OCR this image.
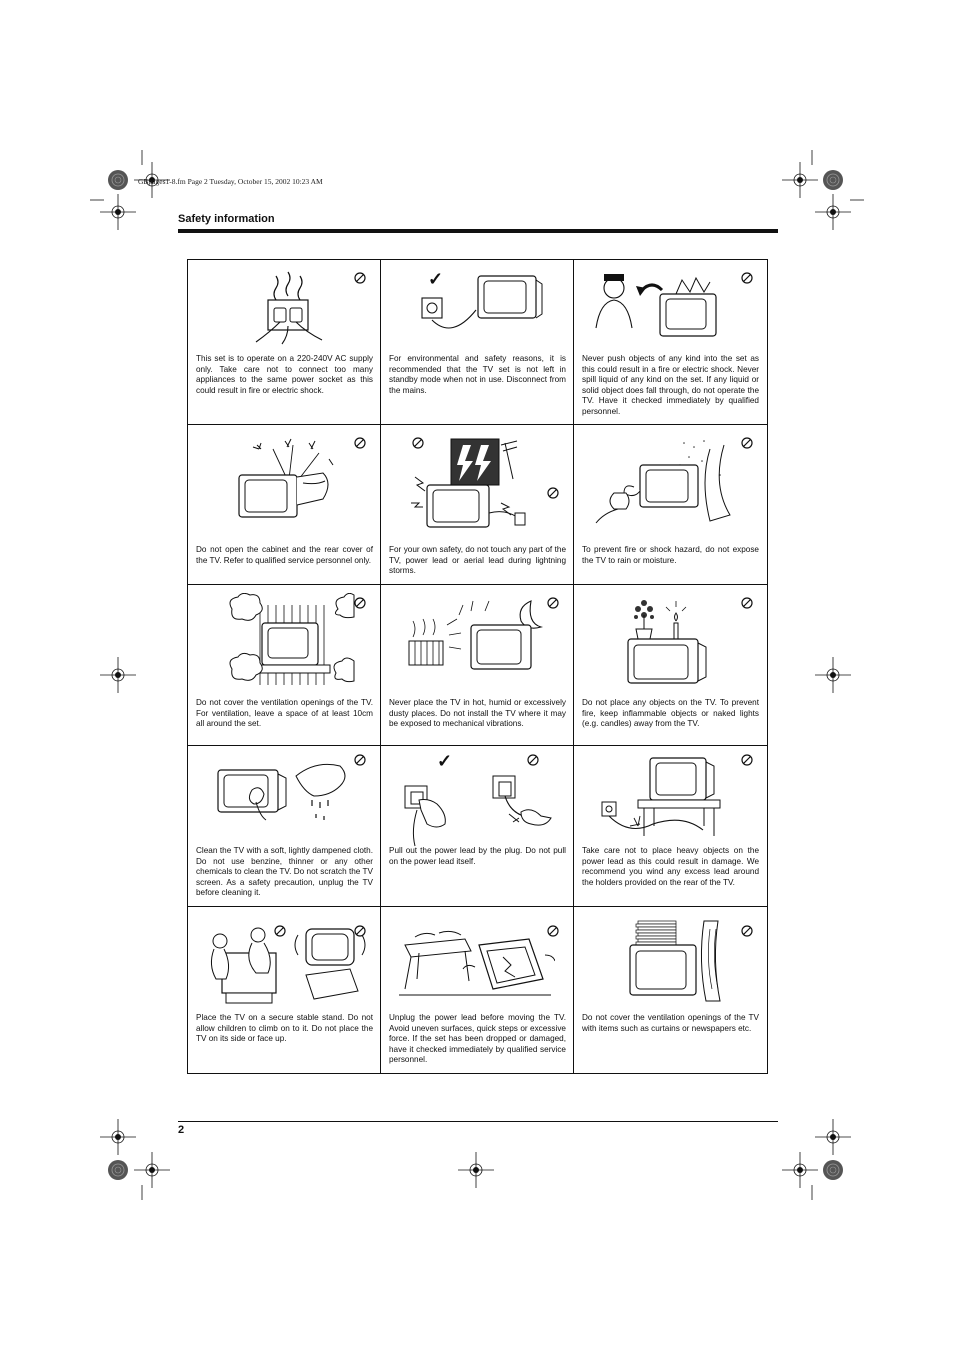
GBpages1-8.fm Page 2 Tuesday, October 15, 2002 10:23 AM
Safety information
This set is to operate on a 220-240V AC supply only. Take care not to connect too many appliances to the same power socket as this could result in fire or electric shock.
✓
For environmental and safety reasons, it is recommended that the TV set is not left in standby mode when not in use. Disconnect from the mains.
Never push objects of any kind into the set as this could result in a fire or electric shock. Never spill liquid of any kind on the set. If any liquid or solid object does fall through, do not operate the TV. Have it checked immediately by qualified personnel.
Do not open the cabinet and the rear cover of the TV. Refer to qualified service personnel only.
For your own safety, do not touch any part of the TV, power lead or aerial lead during lightning storms.
To prevent fire or shock hazard, do not expose the TV to rain or moisture.
Do not cover the ventilation openings of the TV. For ventilation, leave a space of at least 10cm all around the set.
Never place the TV in hot, humid or excessively dusty places. Do not install the TV where it may be exposed to mechanical vibrations.
Do not place any objects on the TV. To prevent fire, keep inflammable objects or naked lights (e.g. candles) away from the TV.
Clean the TV with a soft, lightly dampened cloth. Do not use benzine, thinner or any other chemicals to clean the TV. Do not scratch the TV screen. As a safety precaution, unplug the TV before cleaning it.
✓
Pull out the power lead by the plug. Do not pull on the power lead itself.
Take care not to place heavy objects on the power lead as this could result in damage. We recommend you wind any excess lead around the holders provided on the rear of the TV.
Place the TV on a secure stable stand. Do not allow children to climb on to it. Do not place the TV on its side or face up.
Unplug the power lead before moving the TV. Avoid uneven surfaces, quick steps or excessive force. If the set has been dropped or damaged, have it checked immediately by qualified service personnel.
Do not cover the ventilation openings of the TV with items such as curtains or newspapers etc.
2
